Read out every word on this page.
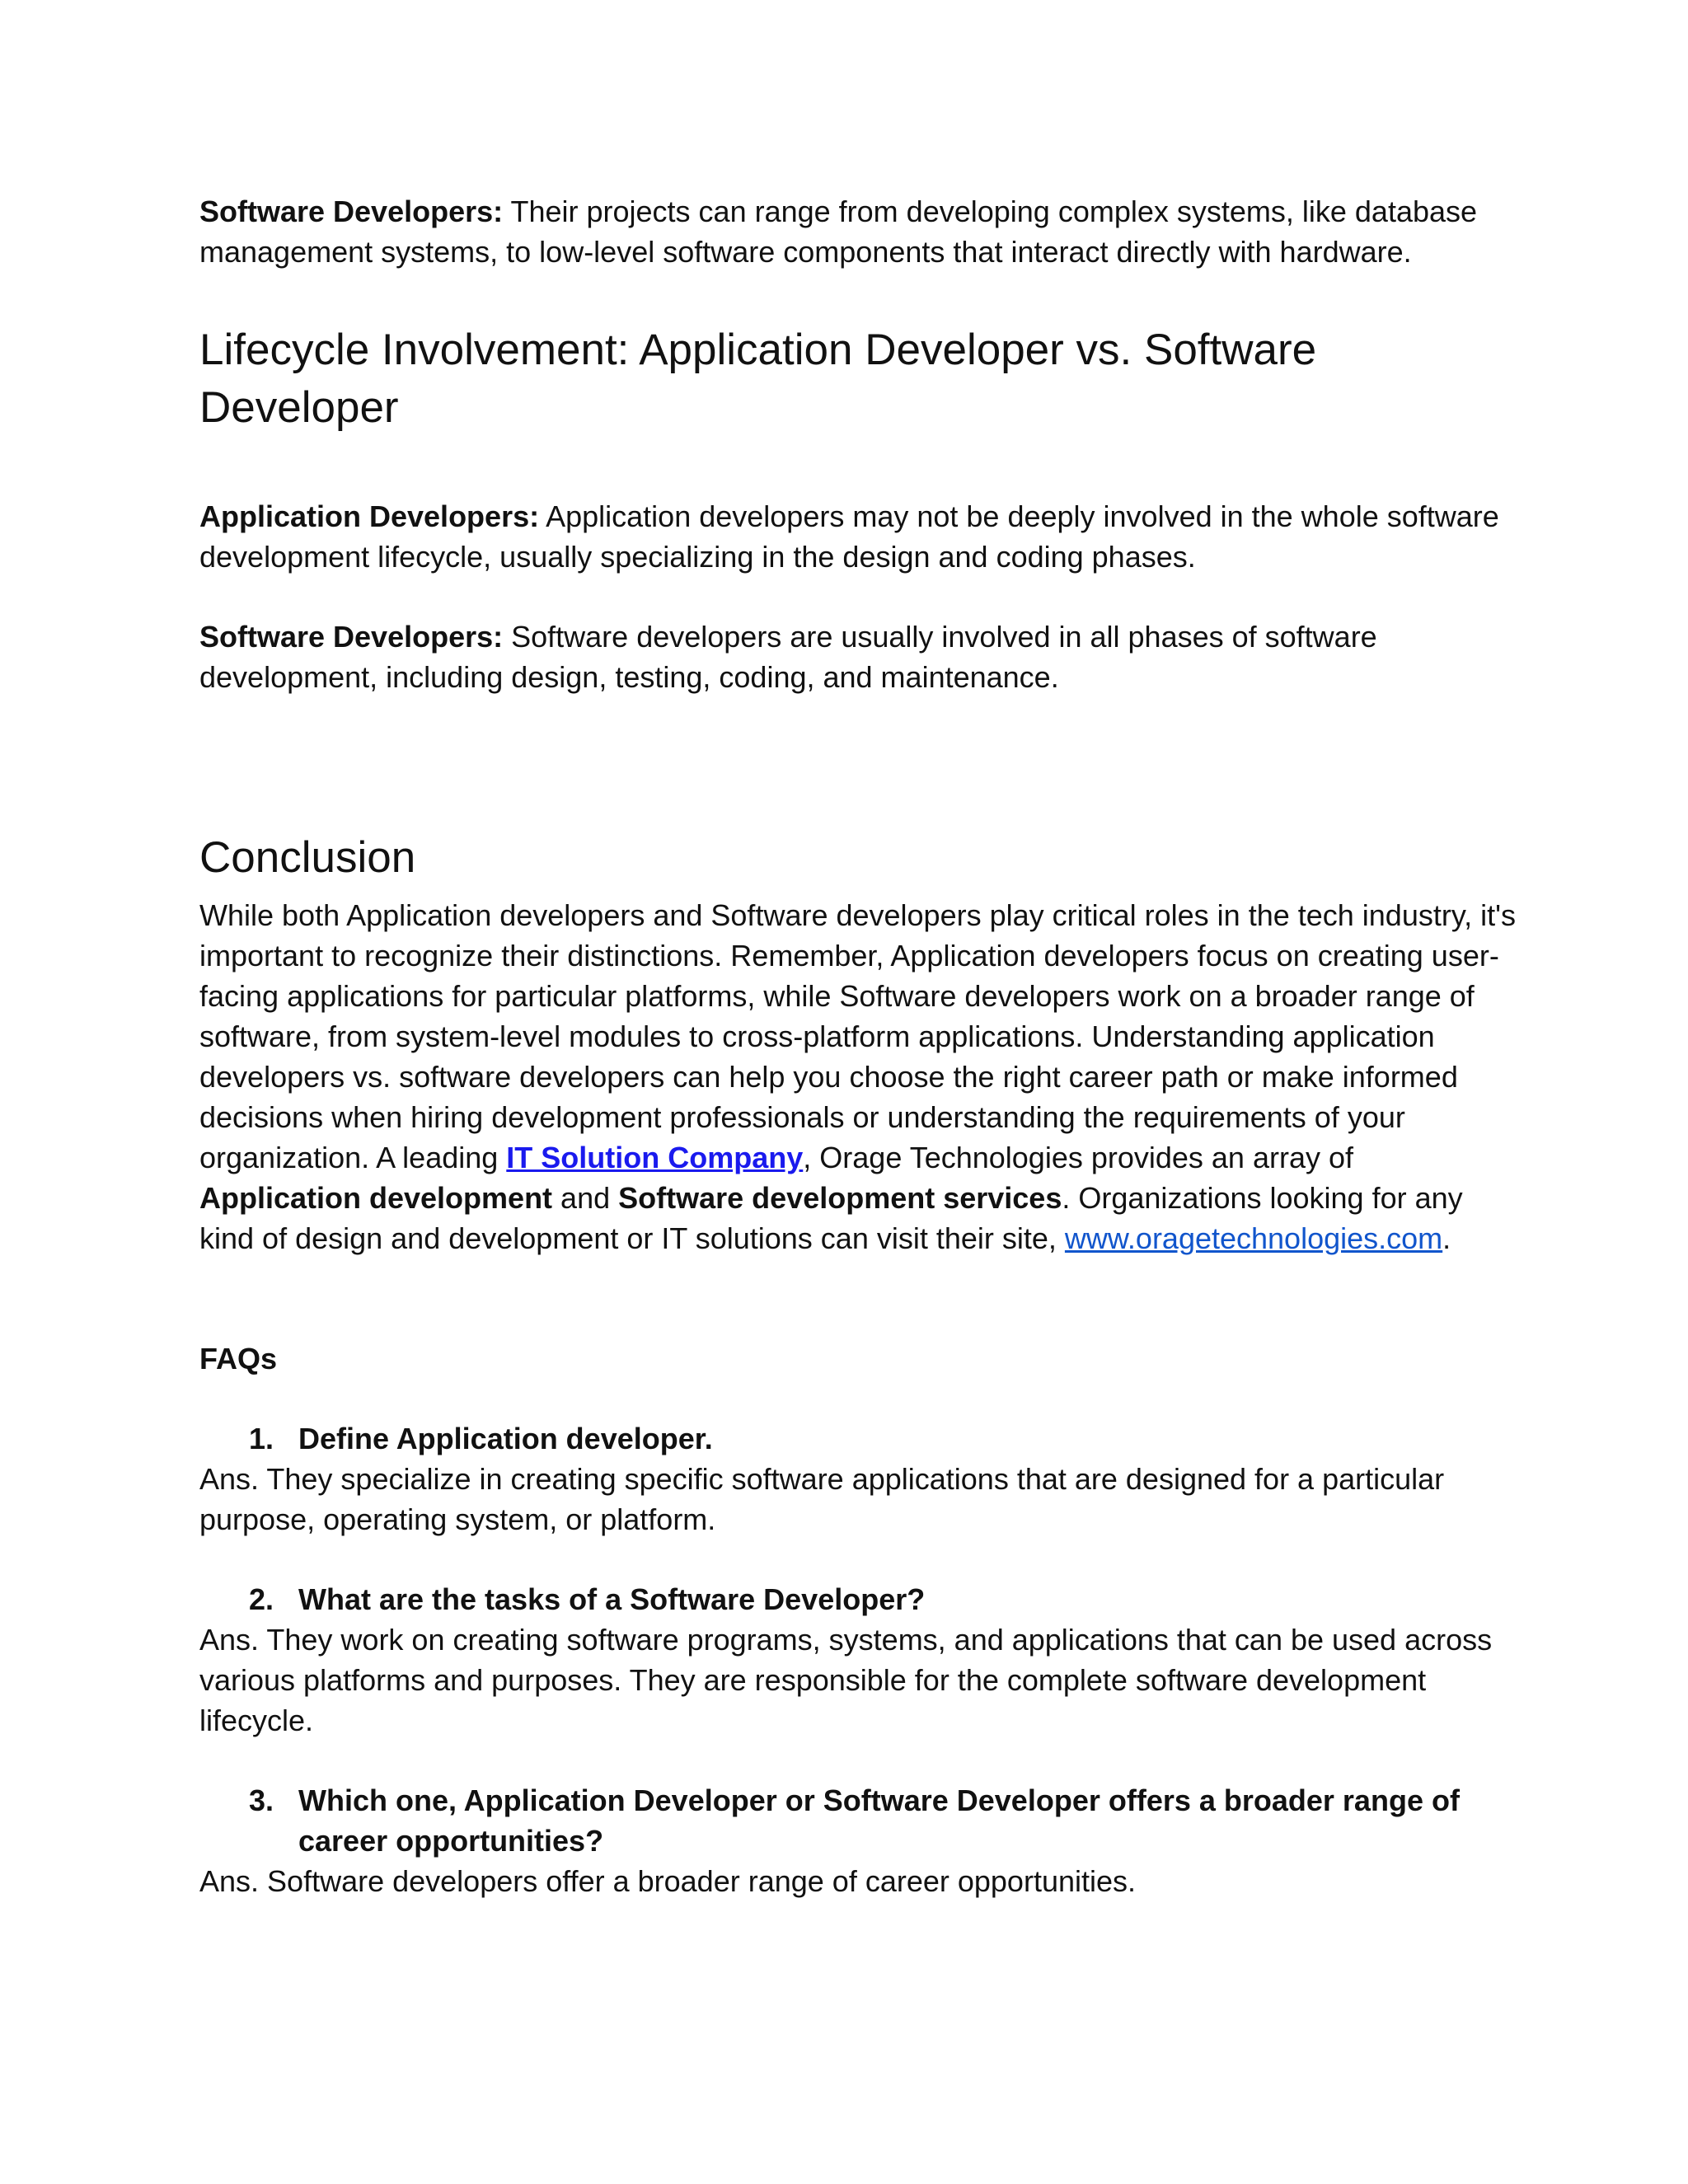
Software Developers: Their projects can range from developing complex systems, like database management systems, to low-level software components that interact directly with hardware.

Lifecycle Involvement: Application Developer vs. Software Developer

Application Developers: Application developers may not be deeply involved in the whole software development lifecycle, usually specializing in the design and coding phases.

Software Developers: Software developers are usually involved in all phases of software development, including design, testing, coding, and maintenance.

Conclusion

While both Application developers and Software developers play critical roles in the tech industry, it's important to recognize their distinctions. Remember, Application developers focus on creating user-facing applications for particular platforms, while Software developers work on a broader range of software, from system-level modules to cross-platform applications. Understanding application developers vs. software developers can help you choose the right career path or make informed decisions when hiring development professionals or understanding the requirements of your organization. A leading IT Solution Company, Orage Technologies provides an array of Application development and Software development services. Organizations looking for any kind of design and development or IT solutions can visit their site, www.oragetechnologies.com.

FAQs
1. Define Application developer.

Ans. They specialize in creating specific software applications that are designed for a particular purpose, operating system, or platform.

2. What are the tasks of a Software Developer?

Ans. They work on creating software programs, systems, and applications that can be used across various platforms and purposes. They are responsible for the complete software development lifecycle.

3. Which one, Application Developer or Software Developer offers a broader range of career opportunities?

Ans. Software developers offer a broader range of career opportunities.
